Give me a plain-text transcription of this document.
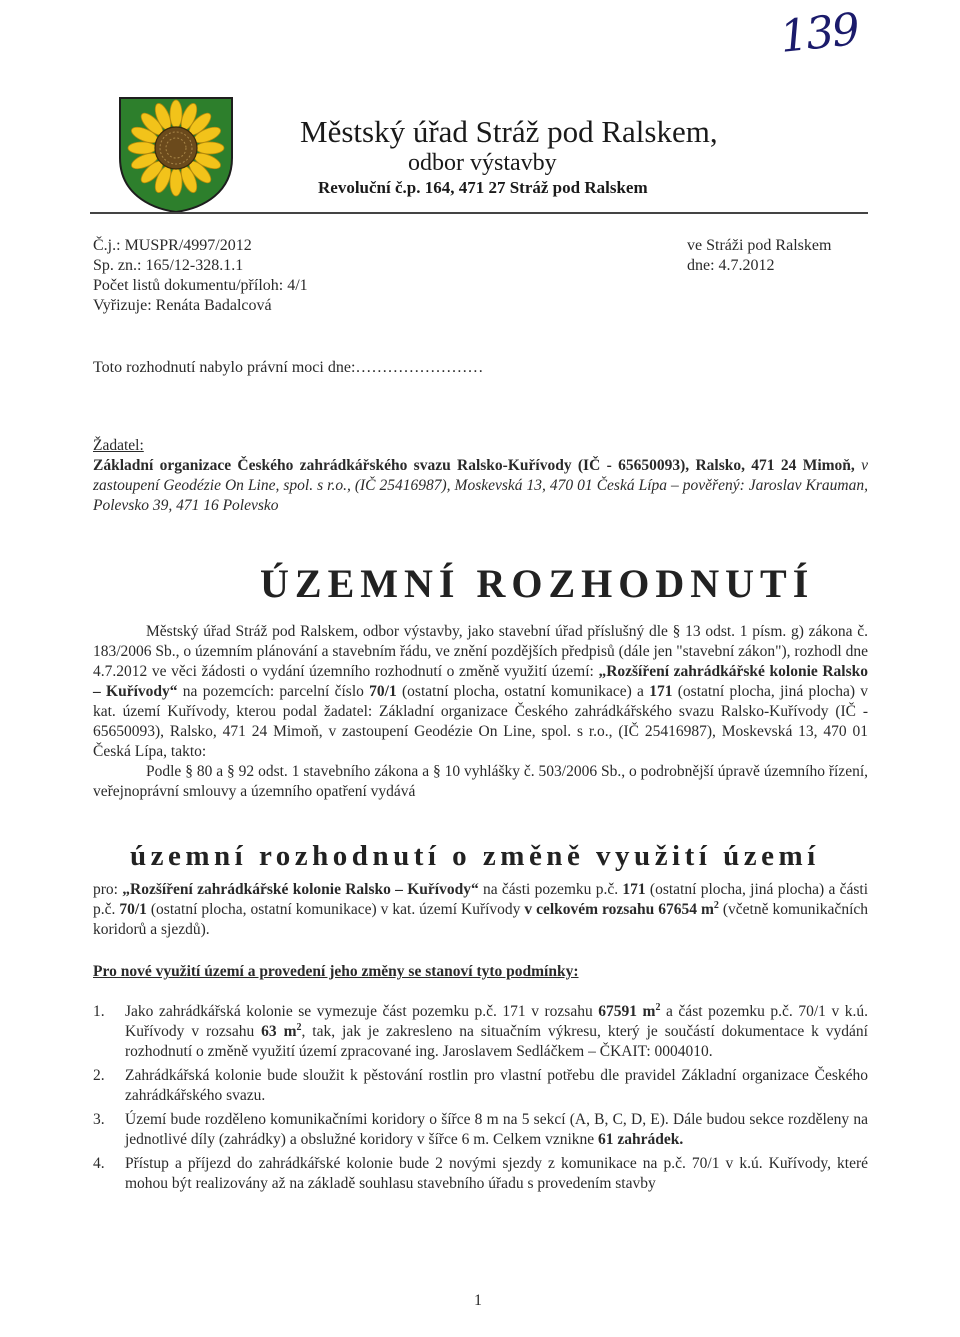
139
Městský úřad Stráž pod Ralskem,
odbor výstavby
Revoluční č.p. 164, 471 27 Stráž pod Ralskem
Č.j.: MUSPR/4997/2012
Sp. zn.: 165/12-328.1.1
Počet listů dokumentu/příloh: 4/1
Vyřizuje: Renáta Badalcová
ve Stráži pod Ralskem
dne: 4.7.2012
Toto rozhodnutí nabylo právní moci dne:……………………

Žadatel:

Základní organizace Českého zahrádkářského svazu Ralsko-Kuřívody (IČ - 65650093), Ralsko, 471 24 Mimoň, v zastoupení Geodézie On Line, spol. s r.o., (IČ 25416987), Moskevská 13, 470 01 Česká Lípa – pověřený: Jaroslav Krauman, Polevsko 39, 471 16 Polevsko

ÚZEMNÍ ROZHODNUTÍ

Městský úřad Stráž pod Ralskem, odbor výstavby, jako stavební úřad příslušný dle § 13 odst. 1 písm. g) zákona č. 183/2006 Sb., o územním plánování a stavebním řádu, ve znění pozdějších předpisů (dále jen "stavební zákon"), rozhodl dne 4.7.2012 ve věci žádosti o vydání územního rozhodnutí o změně využití území: „Rozšíření zahrádkářské kolonie Ralsko – Kuřívody“ na pozemcích: parcelní číslo 70/1 (ostatní plocha, ostatní komunikace) a 171 (ostatní plocha, jiná plocha) v kat. území Kuřívody, kterou podal žadatel: Základní organizace Českého zahrádkářského svazu Ralsko-Kuřívody (IČ - 65650093), Ralsko, 471 24 Mimoň, v zastoupení Geodézie On Line, spol. s r.o., (IČ 25416987), Moskevská 13, 470 01 Česká Lípa, takto:

Podle § 80 a § 92 odst. 1 stavebního zákona a § 10 vyhlášky č. 503/2006 Sb., o podrobnější úpravě územního řízení, veřejnoprávní smlouvy a územního opatření vydává

územní rozhodnutí o změně využití území

pro: „Rozšíření zahrádkářské kolonie Ralsko – Kuřívody“ na části pozemku p.č. 171 (ostatní plocha, jiná plocha) a části p.č. 70/1 (ostatní plocha, ostatní komunikace) v kat. území Kuřívody v celkovém rozsahu 67654 $m^2$ (včetně komunikačních koridorů a sjezdů).

Pro nové využití území a provedení jeho změny se stanoví tyto podmínky:

1. Jako zahrádkářská kolonie se vymezuje část pozemku p.č. 171 v rozsahu 67591 $m^2$ a část pozemku p.č. 70/1 v k.ú. Kuřívody v rozsahu 63 $m^2$, tak, jak je zakresleno na situačním výkresu, který je součástí dokumentace k vydání rozhodnutí o změně využití území zpracované ing. Jaroslavem Sedláčkem – ČKAIT: 0004010.
2. Zahrádkářská kolonie bude sloužit k pěstování rostlin pro vlastní potřebu dle pravidel Základní organizace Českého zahrádkářského svazu.
3. Území bude rozděleno komunikačními koridory o šířce 8 m na 5 sekcí (A, B, C, D, E). Dále budou sekce rozděleny na jednotlivé díly (zahrádky) a obslužné koridory v šířce 6 m. Celkem vznikne 61 zahrádek.
4. Přístup a příjezd do zahrádkářské kolonie bude 2 novými sjezdy z komunikace na p.č. 70/1 v k.ú. Kuřívody, které mohou být realizovány až na základě souhlasu stavebního úřadu s provedením stavby
1
